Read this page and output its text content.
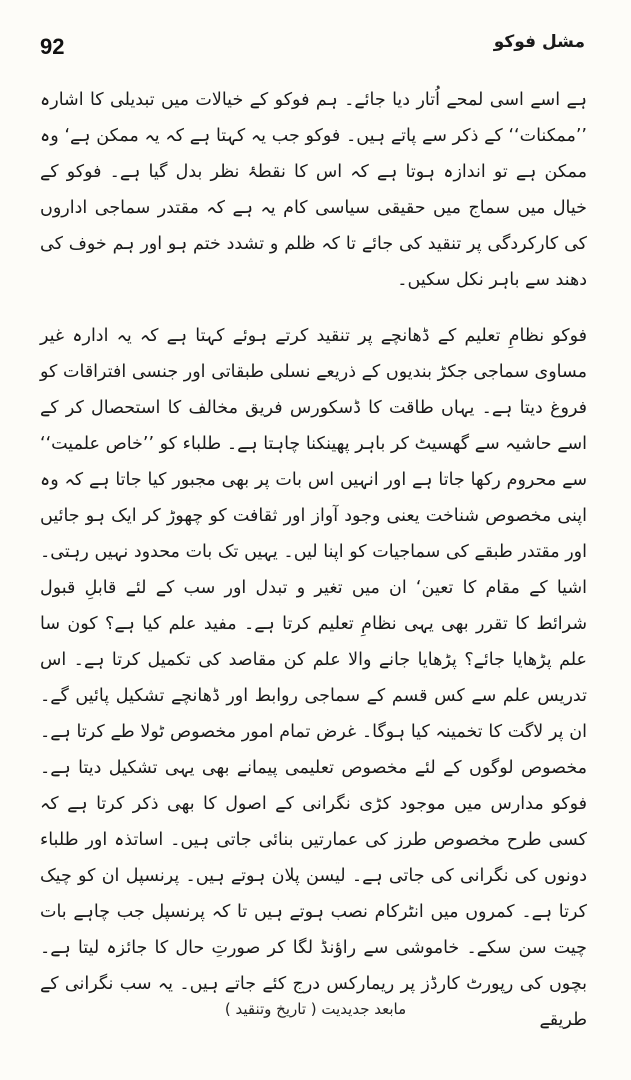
92	مشل فوکو

ہے اسے اسی لمحے اُتار دیا جائے۔ ہم فوکو کے خیالات میں تبدیلی کا اشارہ ’’ممکنات‘‘ کے ذکر سے پاتے ہیں۔ فوکو جب یہ کہتا ہے کہ یہ ممکن ہے‘ وہ ممکن ہے تو اندازہ ہوتا ہے کہ اس کا نقطۂ نظر بدل گیا ہے۔ فوکو کے خیال میں سماج میں حقیقی سیاسی کام یہ ہے کہ مقتدر سماجی اداروں کی کارکردگی پر تنقید کی جائے تا کہ ظلم و تشدد ختم ہو اور ہم خوف کی دھند سے باہر نکل سکیں۔

فوکو نظامِ تعلیم کے ڈھانچے پر تنقید کرتے ہوئے کہتا ہے کہ یہ ادارہ غیر مساوی سماجی جکڑ بندیوں کے ذریعے نسلی طبقاتی اور جنسی افتراقات کو فروغ دیتا ہے۔ یہاں طاقت کا ڈسکورس فریق مخالف کا استحصال کر کے اسے حاشیہ سے گھسیٹ کر باہر پھینکنا چاہتا ہے۔ طلباء کو ’’خاص علمیت‘‘ سے محروم رکھا جاتا ہے اور انہیں اس بات پر بھی مجبور کیا جاتا ہے کہ وہ اپنی مخصوص شناخت یعنی وجود آواز اور ثقافت کو چھوڑ کر ایک ہو جائیں اور مقتدر طبقے کی سماجیات کو اپنا لیں۔ یہیں تک بات محدود نہیں رہتی۔ اشیا کے مقام کا تعین‘ ان میں تغیر و تبدل اور سب کے لئے قابلِ قبول شرائط کا تقرر بھی یہی نظامِ تعلیم کرتا ہے۔ مفید علم کیا ہے؟ کون سا علم پڑھایا جائے؟ پڑھایا جانے والا علم کن مقاصد کی تکمیل کرتا ہے۔ اس تدریس علم سے کس قسم کے سماجی روابط اور ڈھانچے تشکیل پائیں گے۔ ان پر لاگت کا تخمینہ کیا ہوگا۔ غرض تمام امور مخصوص ٹولا طے کرتا ہے۔ مخصوص لوگوں کے لئے مخصوص تعلیمی پیمانے بھی یہی تشکیل دیتا ہے۔ فوکو مدارس میں موجود کڑی نگرانی کے اصول کا بھی ذکر کرتا ہے کہ کسی طرح مخصوص طرز کی عمارتیں بنائی جاتی ہیں۔ اساتذہ اور طلباء دونوں کی نگرانی کی جاتی ہے۔ لیسن پلان ہوتے ہیں۔ پرنسپل ان کو چیک کرتا ہے۔ کمروں میں انٹرکام نصب ہوتے ہیں تا کہ پرنسپل جب چاہے بات چیت سن سکے۔ خاموشی سے راؤنڈ لگا کر صورتِ حال کا جائزہ لیتا ہے۔ بچوں کی رپورٹ کارڈز پر ریمارکس درج کئے جاتے ہیں۔ یہ سب نگرانی کے طریقے

مابعد جدیدیت ( تاریخ وتنقید )
